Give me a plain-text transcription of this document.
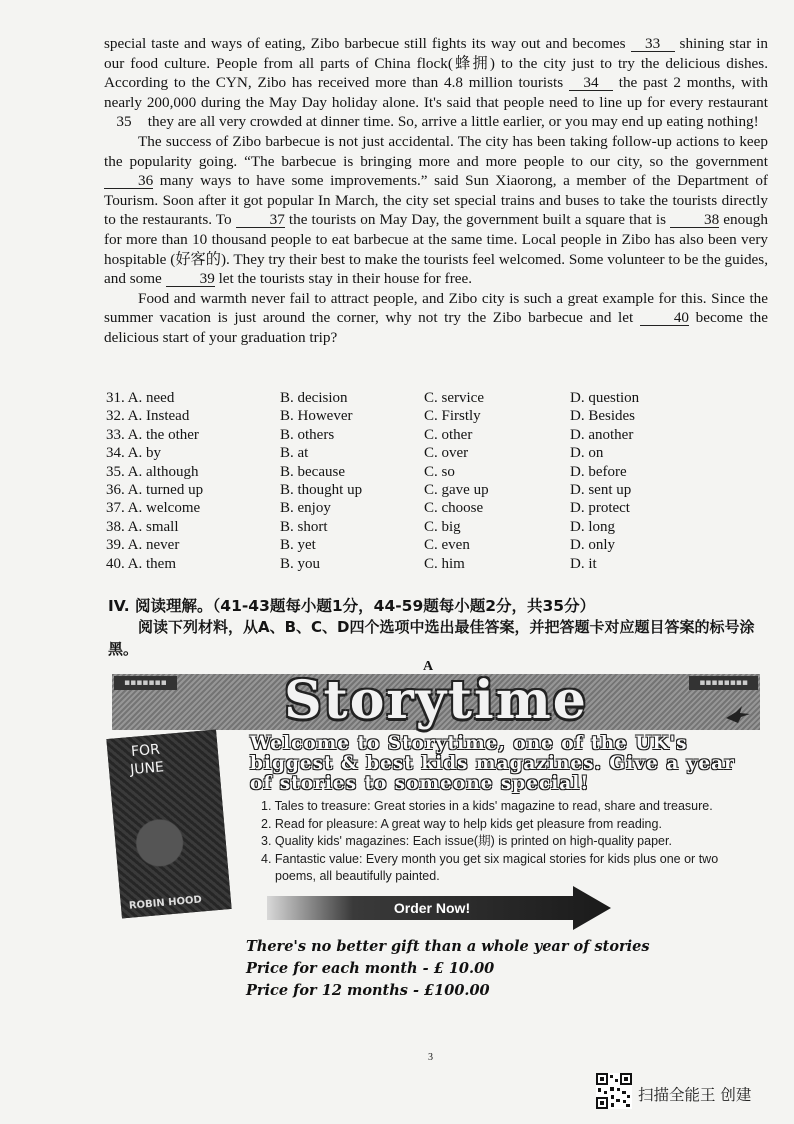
special taste and ways of eating, Zibo barbecue still fights its way out and becomes 33 shining star in our food culture. People from all parts of China flock(蜂拥) to the city just to try the delicious dishes. According to the CYN, Zibo has received more than 4.8 million tourists 34 the past 2 months, with nearly 200,000 during the May Day holiday alone. It's said that people need to line up for every restaurant 35 they are all very crowded at dinner time. So, arrive a little earlier, or you may end up eating nothing!

The success of Zibo barbecue is not just accidental. The city has been taking follow-up actions to keep the popularity going. “The barbecue is bringing more and more people to our city, so the government 36 many ways to have some improvements.” said Sun Xiaorong, a member of the Department of Tourism. Soon after it got popular In March, the city set special trains and buses to take the tourists directly to the restaurants. To 37 the tourists on May Day, the government built a square that is 38 enough for more than 10 thousand people to eat barbecue at the same time. Local people in Zibo has also been very hospitable (好客的). They try their best to make the tourists feel welcomed. Some volunteer to be the guides, and some 39 let the tourists stay in their house for free.

Food and warmth never fail to attract people, and Zibo city is such a great example for this. Since the summer vacation is just around the corner, why not try the Zibo barbecue and let 40 become the delicious start of your graduation trip?

31. A. need	B. decision	C. service	D. question
32. A. Instead	B. However	C. Firstly	D. Besides
33. A. the other	B. others	C. other	D. another
34. A. by	B. at	C. over	D. on
35. A. although	B. because	C. so	D. before
36. A. turned up	B. thought up	C. gave up	D. sent up
37. A. welcome	B. enjoy	C. choose	D. protect
38. A. small	B. short	C. big	D. long
39. A. never	B. yet	C. even	D. only
40. A. them	B. you	C. him	D. it
IV. 阅读理解。（41-43题每小题1分，44-59题每小题2分，共35分）
阅读下列材料，从A、B、C、D四个选项中选出最佳答案，并把答题卡对应题目答案的标号涂黑。
A
▪▪▪▪▪▪▪	▪▪▪▪▪▪▪▪
Storytime
FOR
JUNE
ROBIN HOOD
Welcome to Storytime, one of the UK's biggest & best kids magazines. Give a year of stories to someone special!
1. Tales to treasure: Great stories in a kids' magazine to read, share and treasure.
2. Read for pleasure: A great way to help kids get pleasure from reading.
3. Quality kids' magazines: Each issue(期) is printed on high-quality paper.
4. Fantastic value: Every month you get six magical stories for kids plus one or two poems, all beautifully painted.
Order Now!
There's no better gift than a whole year of stories
Price for each month - £ 10.00
Price for 12 months - £100.00
3
扫描全能王 创建
